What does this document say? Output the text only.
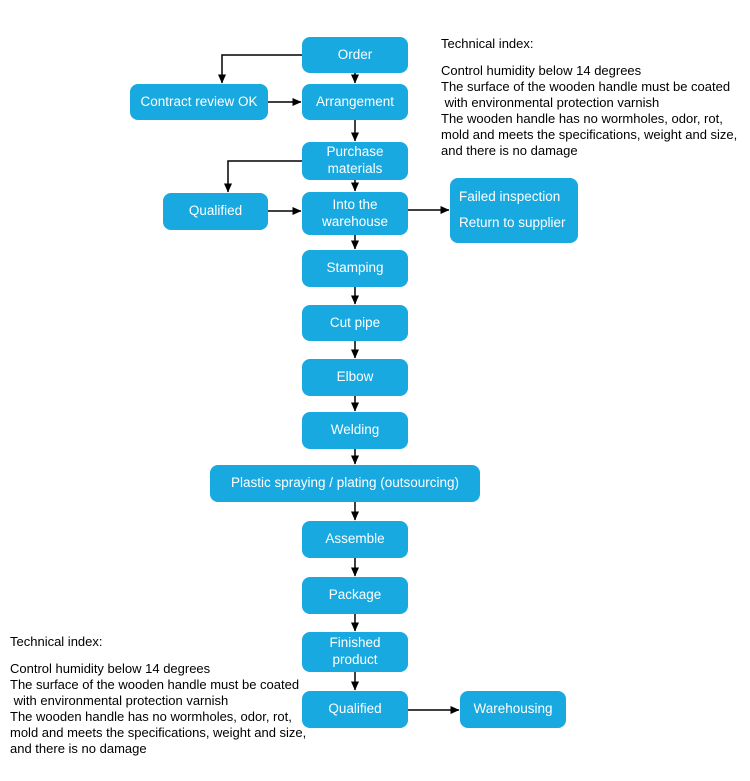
Order
Contract review OK	Arrangement
Purchase materials
Qualified	Into the warehouse
Failed inspection
Return to supplier
Stamping
Cut pipe
Elbow
Welding
Plastic spraying / plating (outsourcing)
Assemble
Package
Finished product
Qualified	Warehousing

Technical index:

Control humidity below 14 degrees

The surface of the wooden handle must be coated

with environmental protection varnish

The wooden handle has no wormholes, odor, rot,

mold and meets the specifications, weight and size,

and there is no damage

Technical index:

Control humidity below 14 degrees

The surface of the wooden handle must be coated

with environmental protection varnish

The wooden handle has no wormholes, odor, rot,

mold and meets the specifications, weight and size,

and there is no damage
